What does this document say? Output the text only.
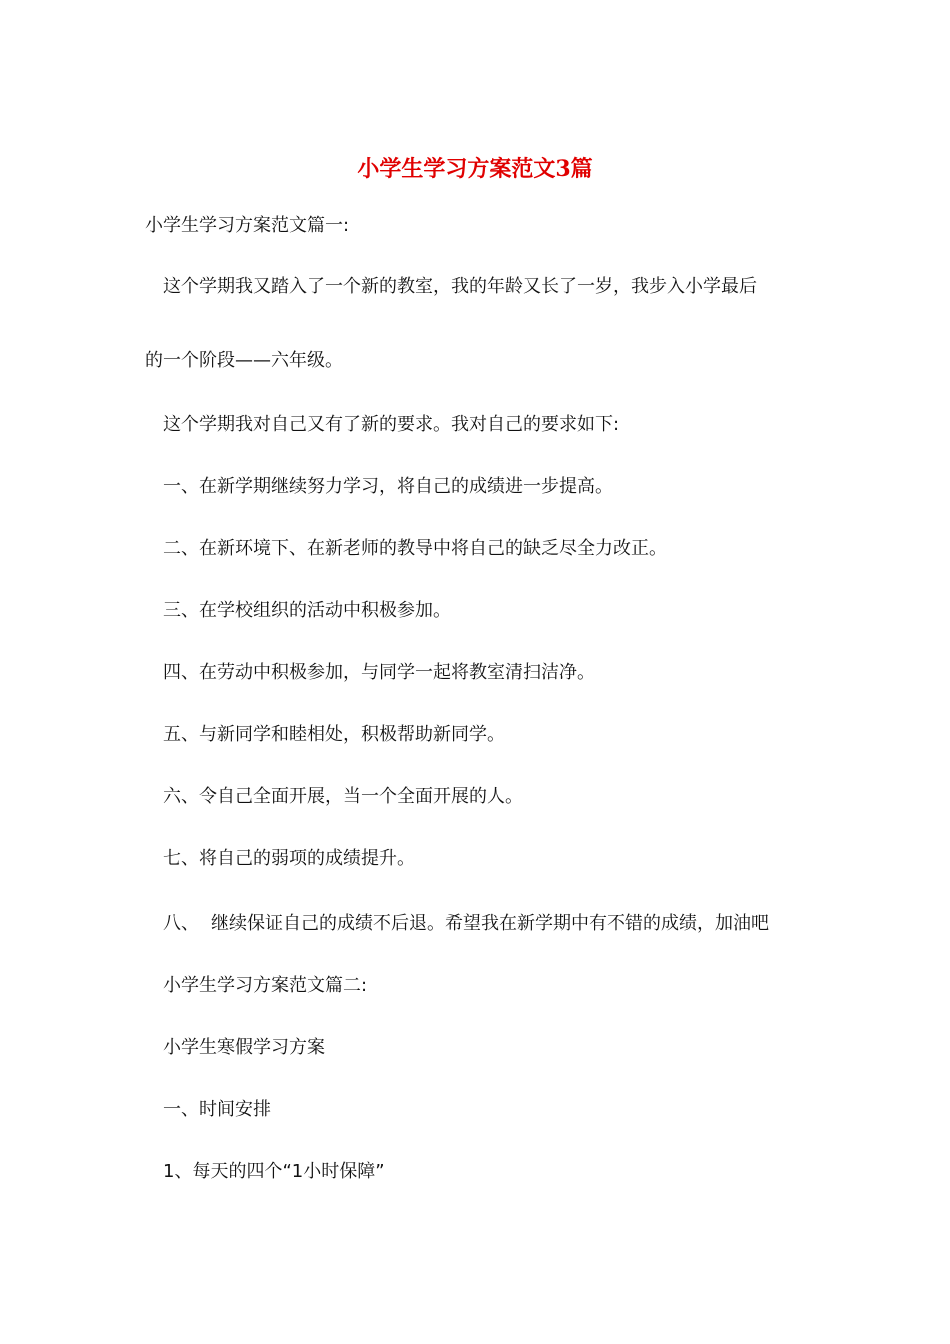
小学生学习方案范文3篇
小学生学习方案范文篇一:
这个学期我又踏入了一个新的教室，我的年龄又长了一岁，我步入小学最后
的一个阶段——六年级。
这个学期我对自己又有了新的要求。我对自己的要求如下:
一、在新学期继续努力学习，将自己的成绩进一步提高。
二、在新环境下、在新老师的教导中将自己的缺乏尽全力改正。
三、在学校组织的活动中积极参加。
四、在劳动中积极参加，与同学一起将教室清扫洁净。
五、与新同学和睦相处，积极帮助新同学。
六、令自己全面开展，当一个全面开展的人。
七、将自己的弱项的成绩提升。
八、 继续保证自己的成绩不后退。希望我在新学期中有不错的成绩，加油吧
小学生学习方案范文篇二:
小学生寒假学习方案
一、时间安排
1、每天的四个“1小时保障”
